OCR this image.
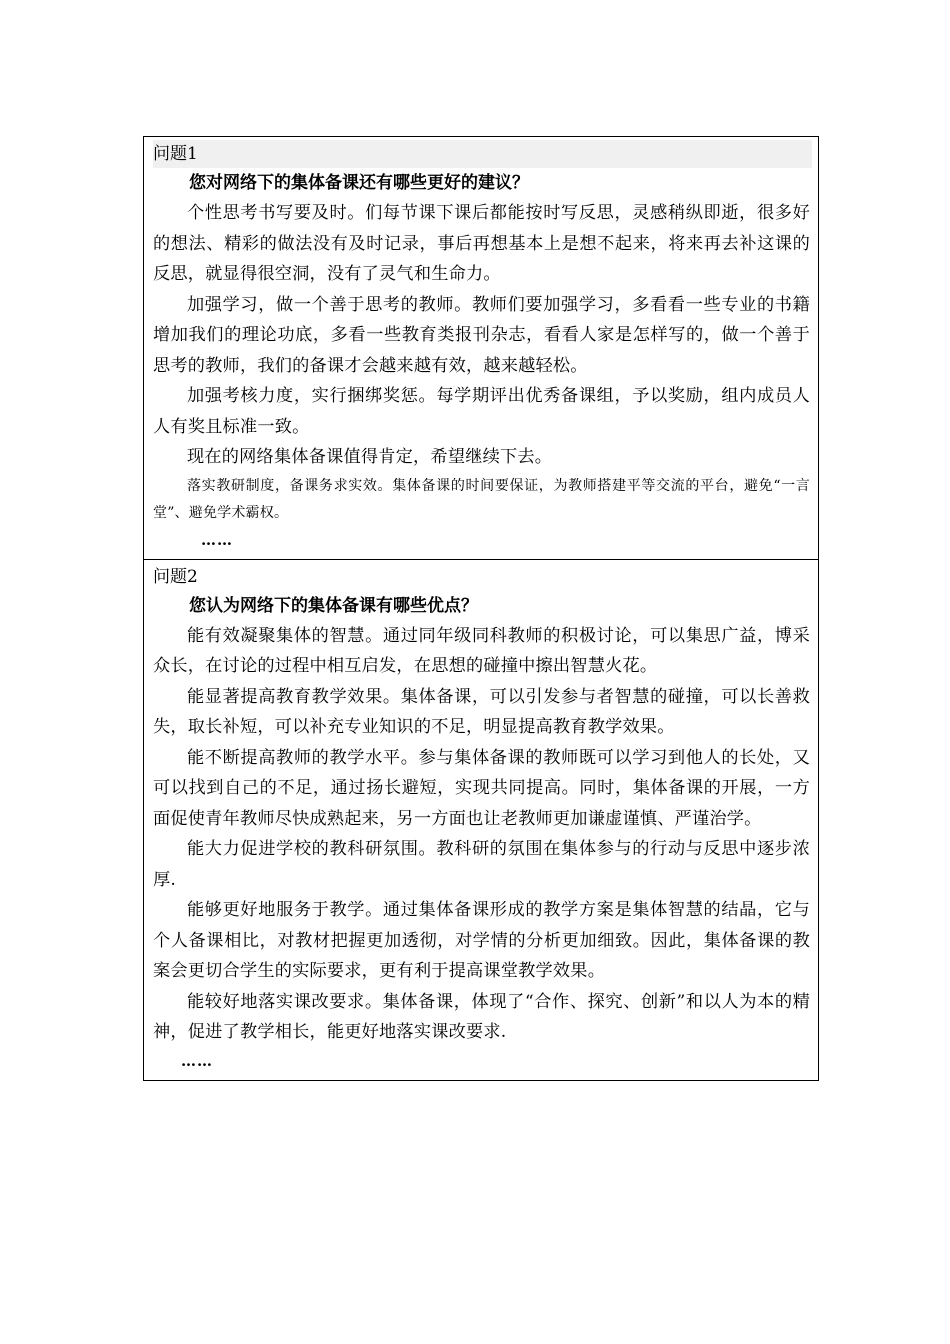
问题1
您对网络下的集体备课还有哪些更好的建议？

个性思考书写要及时。们每节课下课后都能按时写反思，灵感稍纵即逝，很多好的想法、精彩的做法没有及时记录，事后再想基本上是想不起来，将来再去补这课的反思，就显得很空洞，没有了灵气和生命力。

加强学习，做一个善于思考的教师。教师们要加强学习，多看看一些专业的书籍增加我们的理论功底，多看一些教育类报刊杂志，看看人家是怎样写的，做一个善于思考的教师，我们的备课才会越来越有效，越来越轻松。

加强考核力度，实行捆绑奖惩。每学期评出优秀备课组，予以奖励，组内成员人人有奖且标准一致。

现在的网络集体备课值得肯定，希望继续下去。

落实教研制度，备课务求实效。集体备课的时间要保证，为教师搭建平等交流的平台，避免“一言堂”、避免学术霸权。

……
问题2
您认为网络下的集体备课有哪些优点？

能有效凝聚集体的智慧。通过同年级同科教师的积极讨论，可以集思广益，博采众长，在讨论的过程中相互启发，在思想的碰撞中擦出智慧火花。

能显著提高教育教学效果。集体备课，可以引发参与者智慧的碰撞，可以长善救失，取长补短，可以补充专业知识的不足，明显提高教育教学效果。

能不断提高教师的教学水平。参与集体备课的教师既可以学习到他人的长处，又可以找到自己的不足，通过扬长避短，实现共同提高。同时，集体备课的开展，一方面促使青年教师尽快成熟起来，另一方面也让老教师更加谦虚谨慎、严谨治学。

能大力促进学校的教科研氛围。教科研的氛围在集体参与的行动与反思中逐步浓厚.

能够更好地服务于教学。通过集体备课形成的教学方案是集体智慧的结晶，它与个人备课相比，对教材把握更加透彻，对学情的分析更加细致。因此，集体备课的教案会更切合学生的实际要求，更有利于提高课堂教学效果。

能较好地落实课改要求。集体备课，体现了“合作、探究、创新”和以人为本的精神，促进了教学相长，能更好地落实课改要求.

……
